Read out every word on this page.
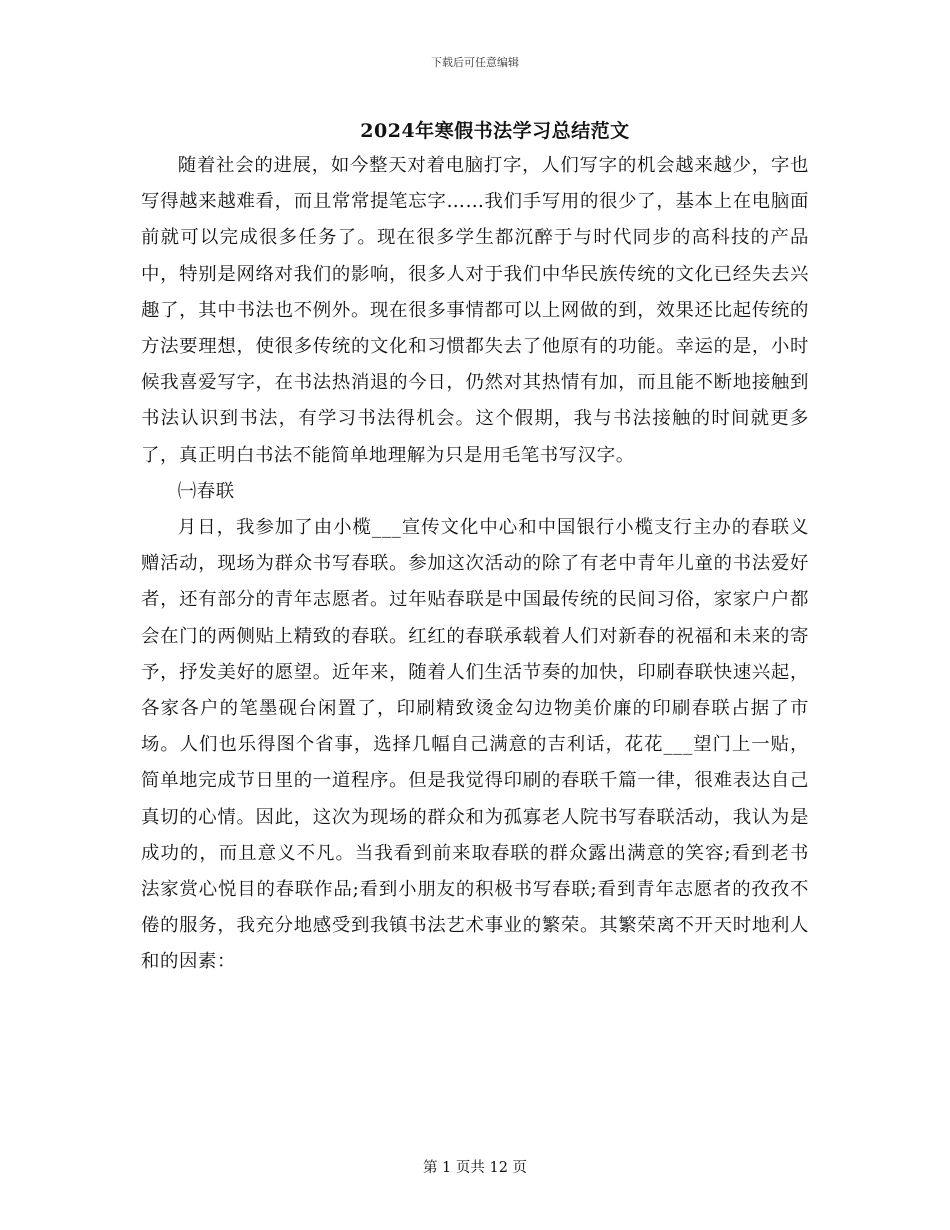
下载后可任意编辑
2024年寒假书法学习总结范文

随着社会的进展，如今整天对着电脑打字，人们写字的机会越来越少，字也写得越来越难看，而且常常提笔忘字……我们手写用的很少了，基本上在电脑面前就可以完成很多任务了。现在很多学生都沉醉于与时代同步的高科技的产品中，特别是网络对我们的影响，很多人对于我们中华民族传统的文化已经失去兴趣了，其中书法也不例外。现在很多事情都可以上网做的到，效果还比起传统的方法要理想，使很多传统的文化和习惯都失去了他原有的功能。幸运的是，小时候我喜爱写字，在书法热消退的今日，仍然对其热情有加，而且能不断地接触到书法认识到书法，有学习书法得机会。这个假期，我与书法接触的时间就更多了，真正明白书法不能简单地理解为只是用毛笔书写汉字。

㈠春联

月日，我参加了由小榄___宣传文化中心和中国银行小榄支行主办的春联义赠活动，现场为群众书写春联。参加这次活动的除了有老中青年儿童的书法爱好者，还有部分的青年志愿者。过年贴春联是中国最传统的民间习俗，家家户户都会在门的两侧贴上精致的春联。红红的春联承载着人们对新春的祝福和未来的寄予，抒发美好的愿望。近年来，随着人们生活节奏的加快，印刷春联快速兴起，各家各户的笔墨砚台闲置了，印刷精致烫金勾边物美价廉的印刷春联占据了市场。人们也乐得图个省事，选择几幅自己满意的吉利话，花花___望门上一贴，简单地完成节日里的一道程序。但是我觉得印刷的春联千篇一律，很难表达自己真切的心情。因此，这次为现场的群众和为孤寡老人院书写春联活动，我认为是成功的，而且意义不凡。当我看到前来取春联的群众露出满意的笑容;看到老书法家赏心悦目的春联作品;看到小朋友的积极书写春联;看到青年志愿者的孜孜不倦的服务，我充分地感受到我镇书法艺术事业的繁荣。其繁荣离不开天时地利人和的因素：

第 1 页共 12 页
